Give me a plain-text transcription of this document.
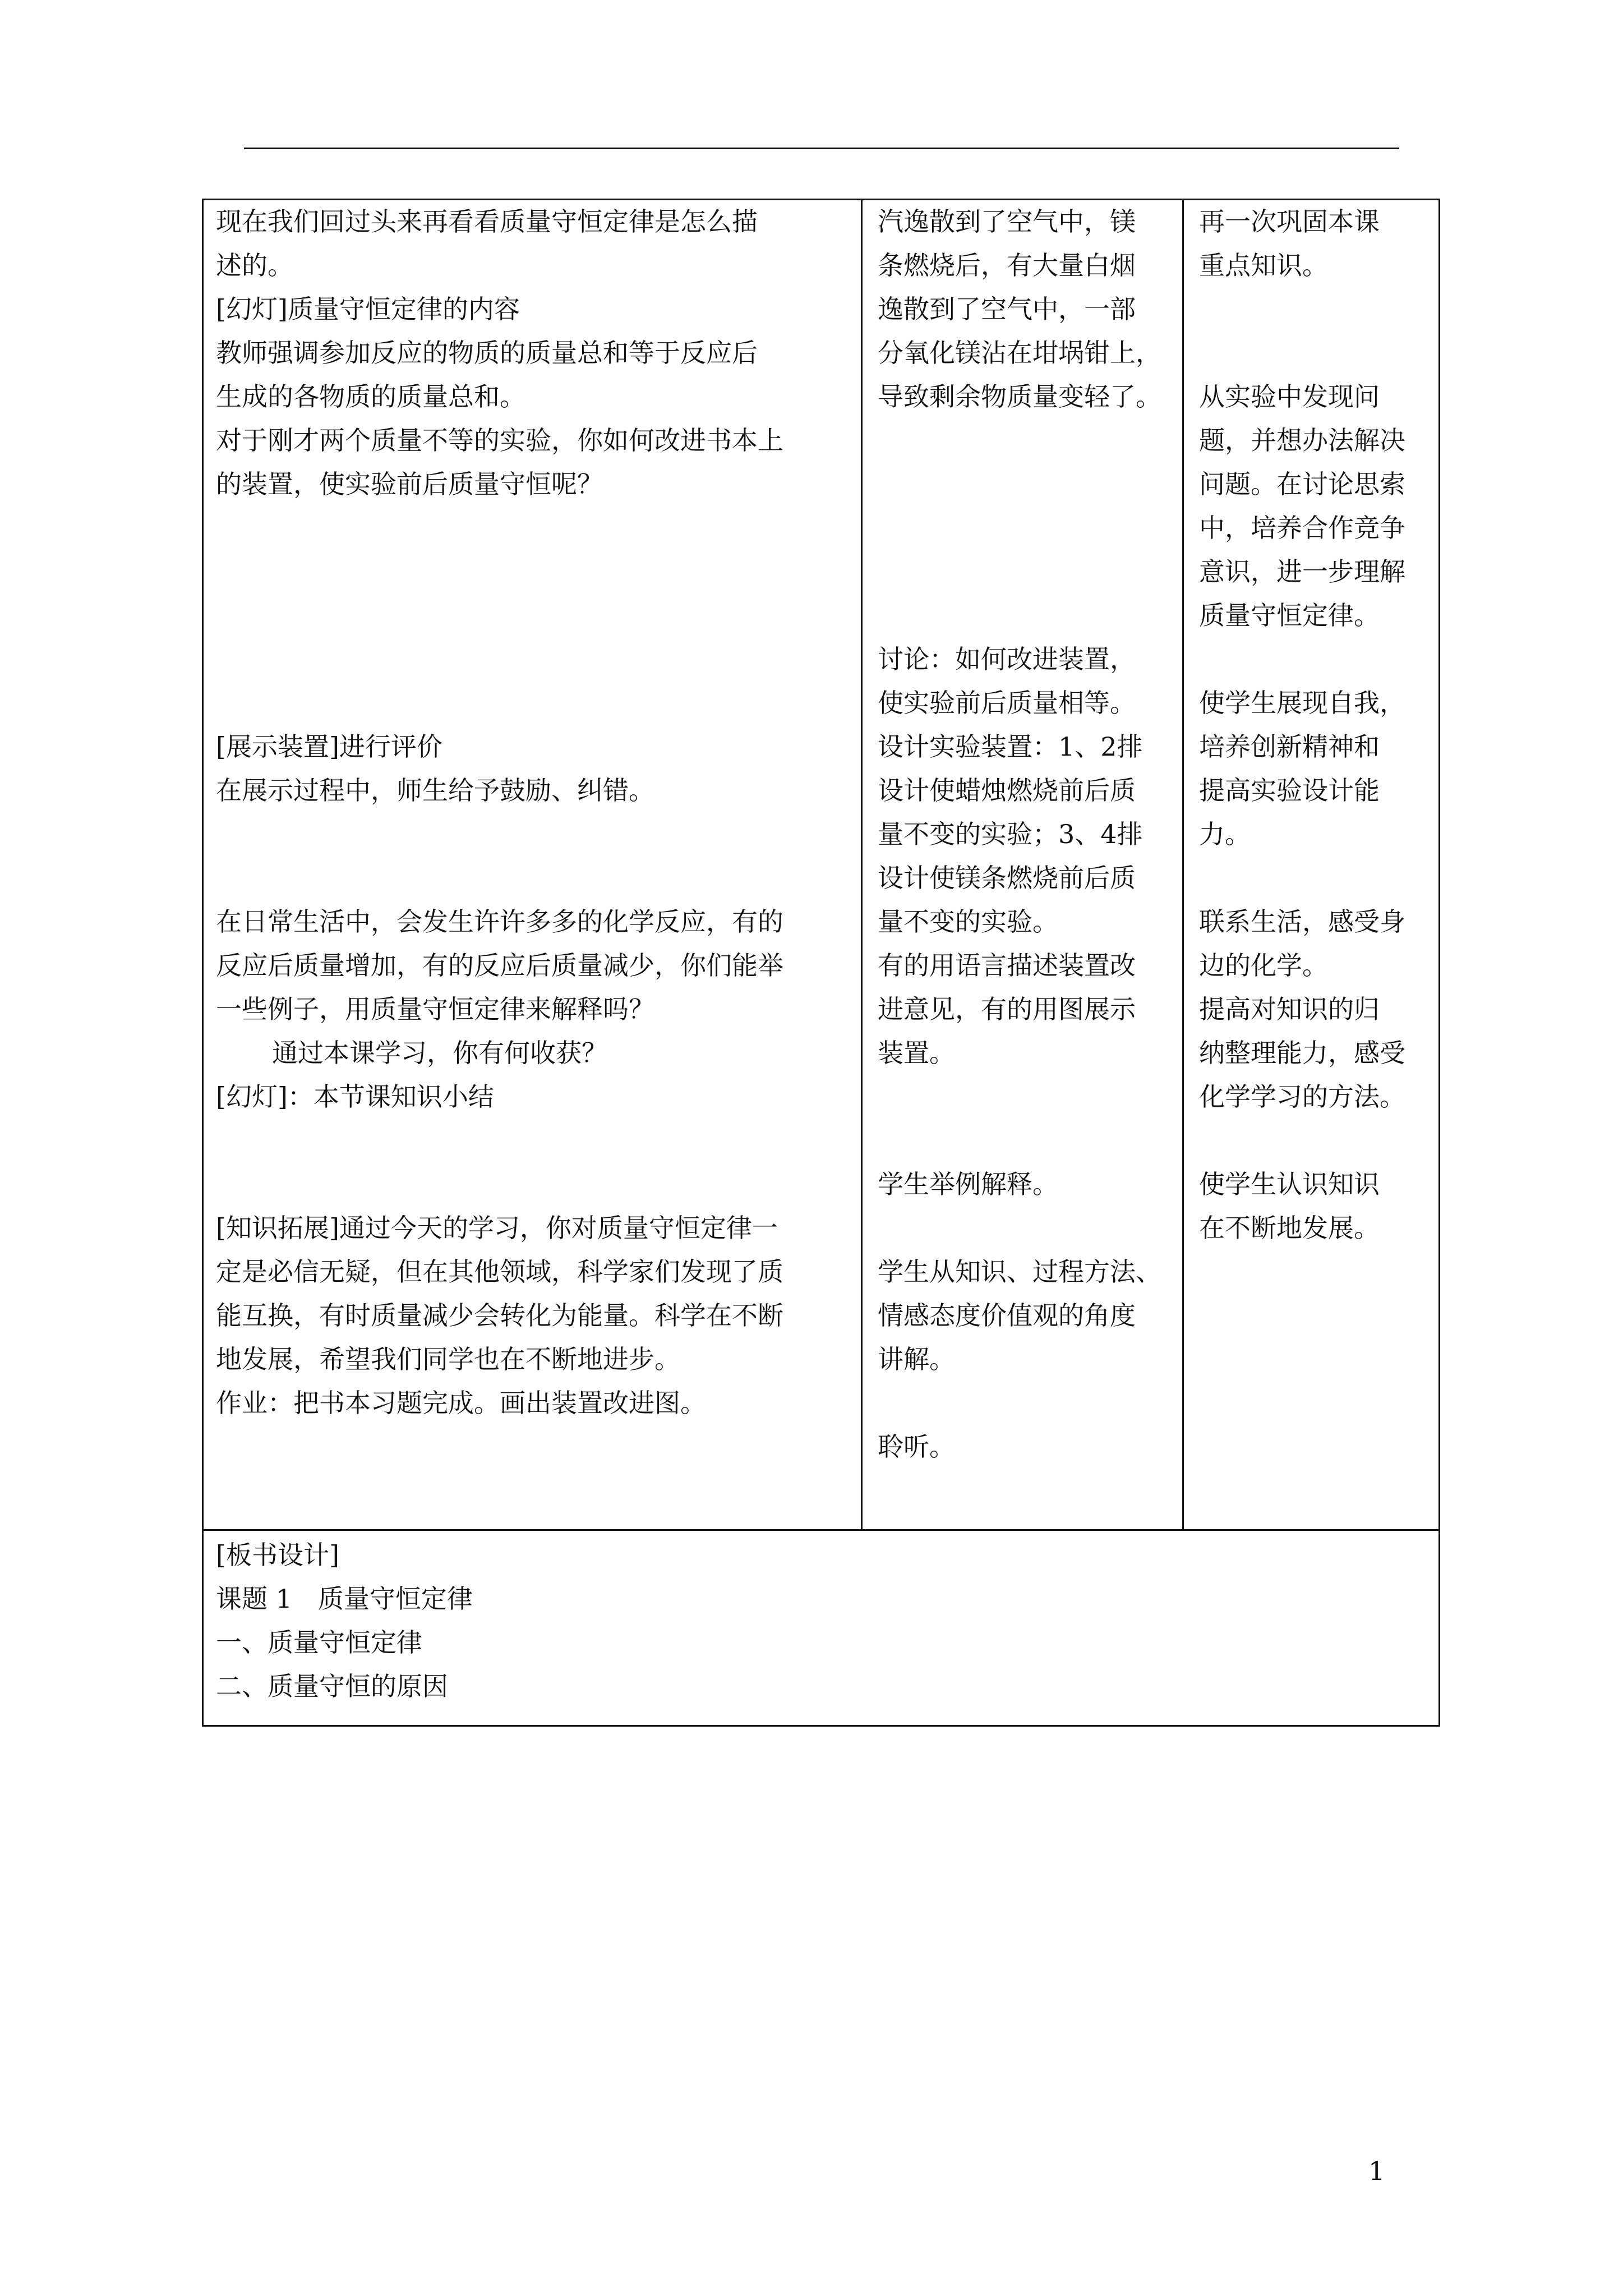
现在我们回过头来再看看质量守恒定律是怎么描
述的。
[幻灯]质量守恒定律的内容
教师强调参加反应的物质的质量总和等于反应后
生成的各物质的质量总和。
对于刚才两个质量不等的实验，你如何改进书本上
的装置，使实验前后质量守恒呢？
[展示装置]进行评价
在展示过程中，师生给予鼓励、纠错。
在日常生活中，会发生许许多多的化学反应，有的
反应后质量增加，有的反应后质量减少，你们能举
一些例子，用质量守恒定律来解释吗？
通过本课学习，你有何收获？
[幻灯]：本节课知识小结
[知识拓展]通过今天的学习，你对质量守恒定律一
定是必信无疑，但在其他领域，科学家们发现了质
能互换，有时质量减少会转化为能量。科学在不断
地发展，希望我们同学也在不断地进步。
作业：把书本习题完成。画出装置改进图。
汽逸散到了空气中，镁
条燃烧后，有大量白烟
逸散到了空气中，一部
分氧化镁沾在坩埚钳上，
导致剩余物质量变轻了。
讨论：如何改进装置，
使实验前后质量相等。
设计实验装置：1、2排
设计使蜡烛燃烧前后质
量不变的实验；3、4排
设计使镁条燃烧前后质
量不变的实验。
有的用语言描述装置改
进意见，有的用图展示
装置。
学生举例解释。
学生从知识、过程方法、
情感态度价值观的角度
讲解。
聆听。
再一次巩固本课
重点知识。
从实验中发现问
题，并想办法解决
问题。在讨论思索
中，培养合作竞争
意识，进一步理解
质量守恒定律。
使学生展现自我，
培养创新精神和
提高实验设计能
力。
联系生活，感受身
边的化学。
提高对知识的归
纳整理能力，感受
化学学习的方法。
使学生认识知识
在不断地发展。
[板书设计]
课题 1　质量守恒定律
一、质量守恒定律
二、质量守恒的原因
1
